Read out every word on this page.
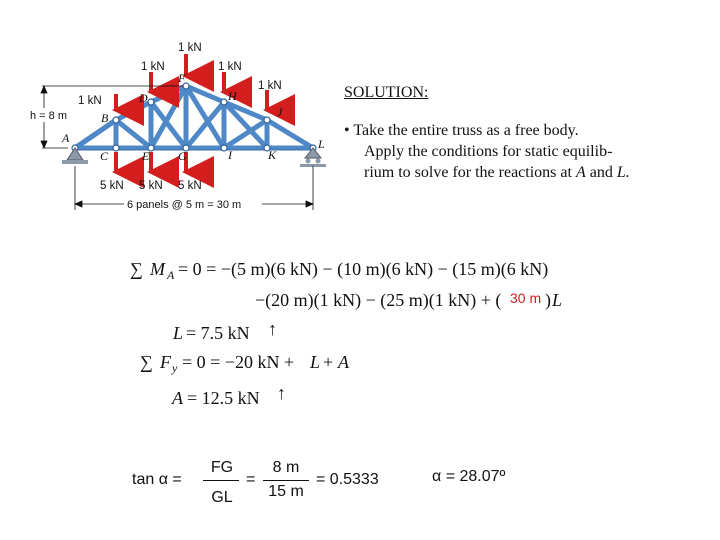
1 kN
1 kN	1 kN
1 kN
1 kN
5 kN 5 kN 5 kN
A
B
C
D
E
F
G
H
I
J
K
L
h = 8 m
6 panels @ 5 m = 30 m
SOLUTION:
• Take the entire truss as a free body.
Apply the conditions for static equilib-
rium to solve for the reactions at A and L.
∑ M A = 0 = −(5 m)(6 kN) − (10 m)(6 kN) − (15 m)(6 kN)
−(20 m)(1 kN) − (25 m)(1 kN) + ( 30 m ) L
L = 7.5 kN ↑
∑ F y = 0 = −20 kN + L + A
A = 12.5 kN ↑
tan α =
FG
GL
=
8 m
15 m
= 0.5333	α = 28.07º
